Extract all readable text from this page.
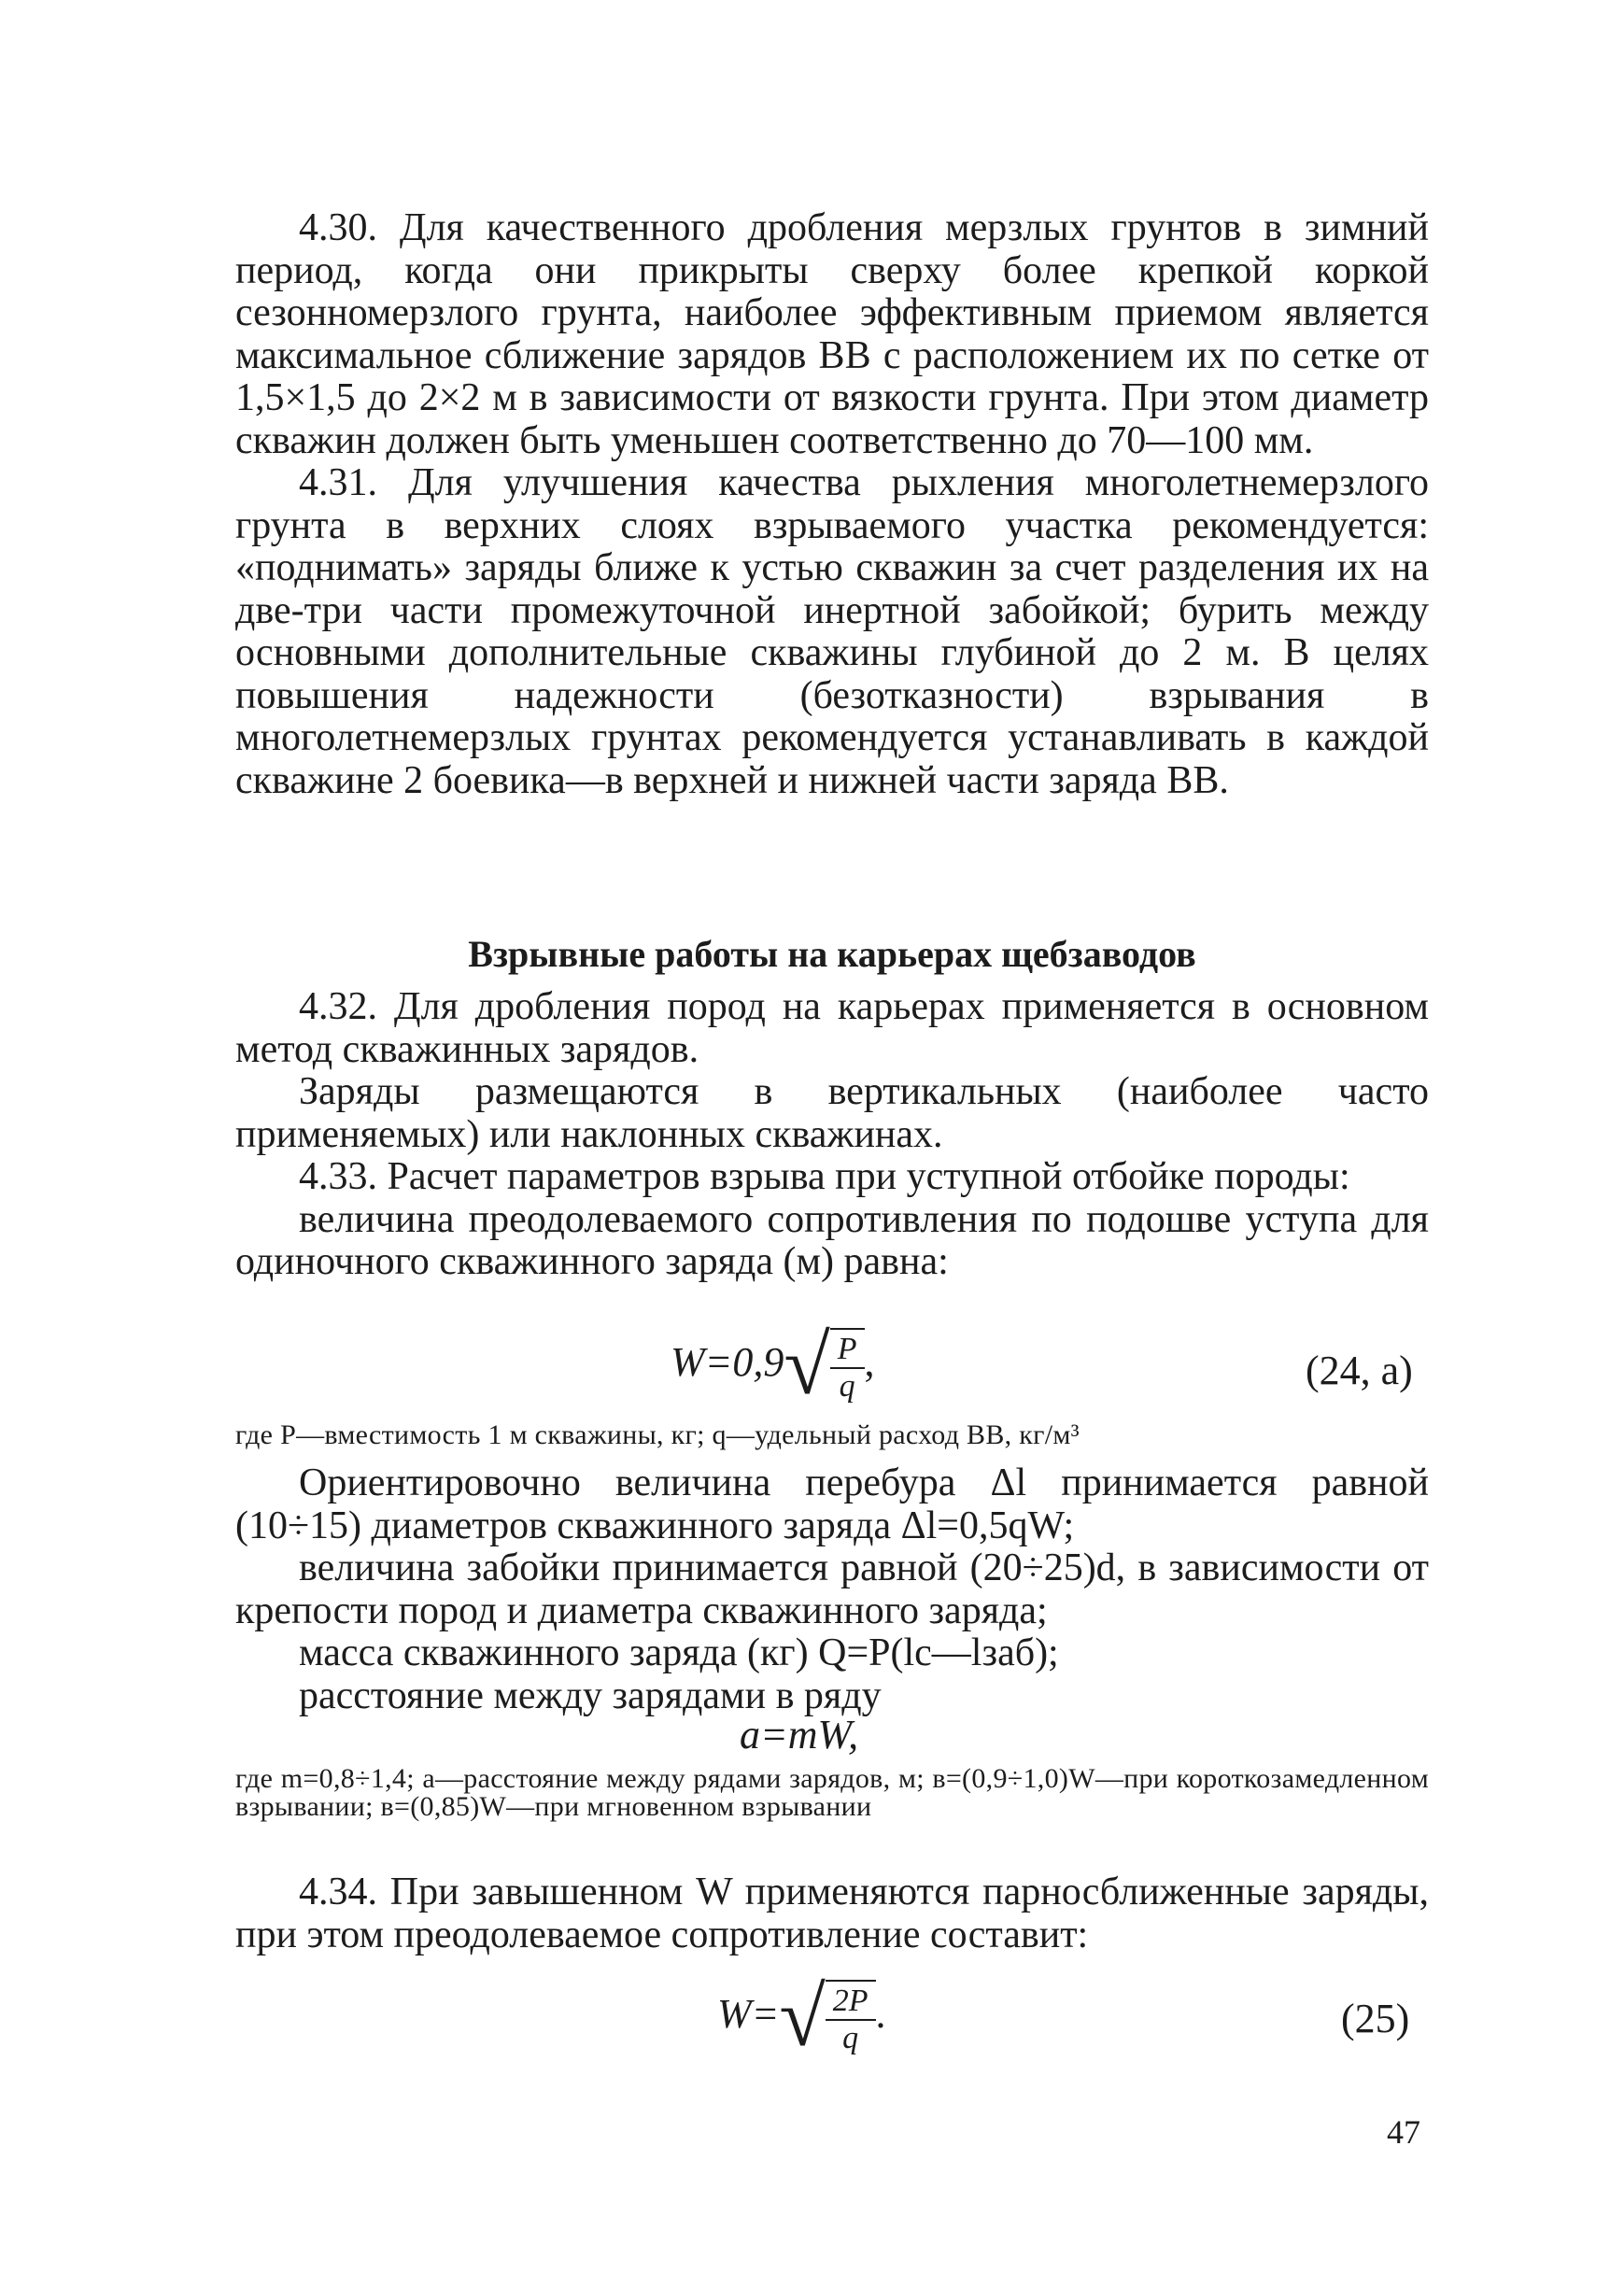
4.30. Для качественного дробления мерзлых грунтов в зимний период, когда они прикрыты сверху более крепкой коркой сезонномерзлого грунта, наиболее эффективным приемом является максимальное сближение зарядов ВВ с расположением их по сетке от 1,5×1,5 до 2×2 м в зависимости от вязкости грунта. При этом диаметр скважин должен быть уменьшен соответственно до 70—100 мм.

4.31. Для улучшения качества рыхления многолетнемерзлого грунта в верхних слоях взрываемого участка рекомендуется: «поднимать» заряды ближе к устью скважин за счет разделения их на две-три части промежуточной инертной забойкой; бурить между основными дополнительные скважины глубиной до 2 м. В целях повышения надежности (безотказности) взрывания в многолетнемерзлых грунтах рекомендуется устанавливать в каждой скважине 2 боевика—в верхней и нижней части заряда ВВ.

Взрывные работы на карьерах щебзаводов

4.32. Для дробления пород на карьерах применяется в основном метод скважинных зарядов.

Заряды размещаются в вертикальных (наиболее часто применяемых) или наклонных скважинах.

4.33. Расчет параметров взрыва при уступной отбойке породы:

величина преодолеваемого сопротивления по подошве уступа для одиночного скважинного заряда (м) равна:

$W=0,9√ \frac{P}{q}$ ,	(24, a)
где P—вместимость 1 м скважины, кг; q—удельный расход ВВ, кг/м³

Ориентировочно величина перебура Δl принимается равной (10÷15) диаметров скважинного заряда Δl=0,5qW;

величина забойки принимается равной (20÷25)d, в зависимости от крепости пород и диаметра скважинного заряда;

масса скважинного заряда (кг) Q=P(lc—lзаб);

расстояние между зарядами в ряду

a=mW,

где m=0,8÷1,4; a—расстояние между рядами зарядов, м; в=(0,9÷1,0)W—при короткозамедленном взрывании; в=(0,85)W—при мгновенном взрывании

4.34. При завышенном W применяются парносближенные заряды, при этом преодолеваемое сопротивление составит:

$W=√ \frac{2P}{q}$ .	(25)
47
